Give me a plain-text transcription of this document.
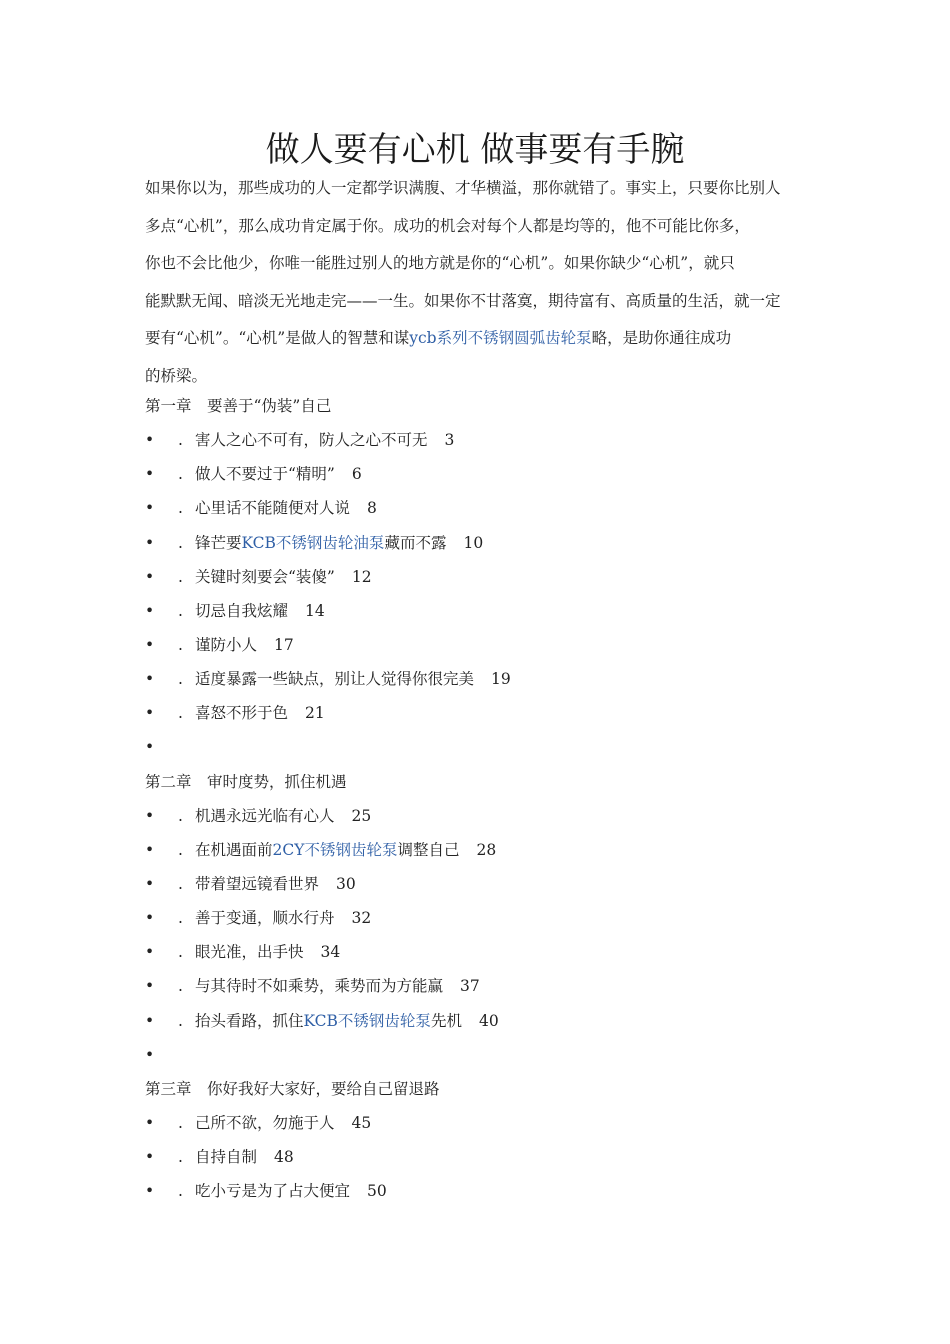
做人要有心机 做事要有手腕
如果你以为，那些成功的人一定都学识满腹、才华横溢，那你就错了。事实上，只要你比别人
多点“心机”，那么成功肯定属于你。成功的机会对每个人都是均等的，他不可能比你多，
你也不会比他少，你唯一能胜过别人的地方就是你的“心机”。如果你缺少“心机”，就只
能默默无闻、暗淡无光地走完——一生。如果你不甘落寞，期待富有、高质量的生活，就一定
要有“心机”。“心机”是做人的智慧和谋ycb系列不锈钢圆弧齿轮泵略，是助你通往成功
的桥梁。
第一章　要善于“伪装”自己
• . 害人之心不可有，防人之心不可无 3
• . 做人不要过于“精明” 6
• . 心里话不能随便对人说 8
• . 锋芒要KCB不锈钢齿轮油泵藏而不露 10
• . 关键时刻要会“装傻” 12
• . 切忌自我炫耀 14
• . 谨防小人 17
• . 适度暴露一些缺点，别让人觉得你很完美 19
• . 喜怒不形于色 21
•
第二章　审时度势，抓住机遇
• . 机遇永远光临有心人 25
• . 在机遇面前2CY不锈钢齿轮泵调整自己 28
• . 带着望远镜看世界 30
• . 善于变通，顺水行舟 32
• . 眼光准，出手快 34
• . 与其待时不如乘势，乘势而为方能赢 37
• . 抬头看路，抓住KCB不锈钢齿轮泵先机 40
•
第三章　你好我好大家好，要给自己留退路
• . 己所不欲，勿施于人 45
• . 自持自制 48
• . 吃小亏是为了占大便宜 50
